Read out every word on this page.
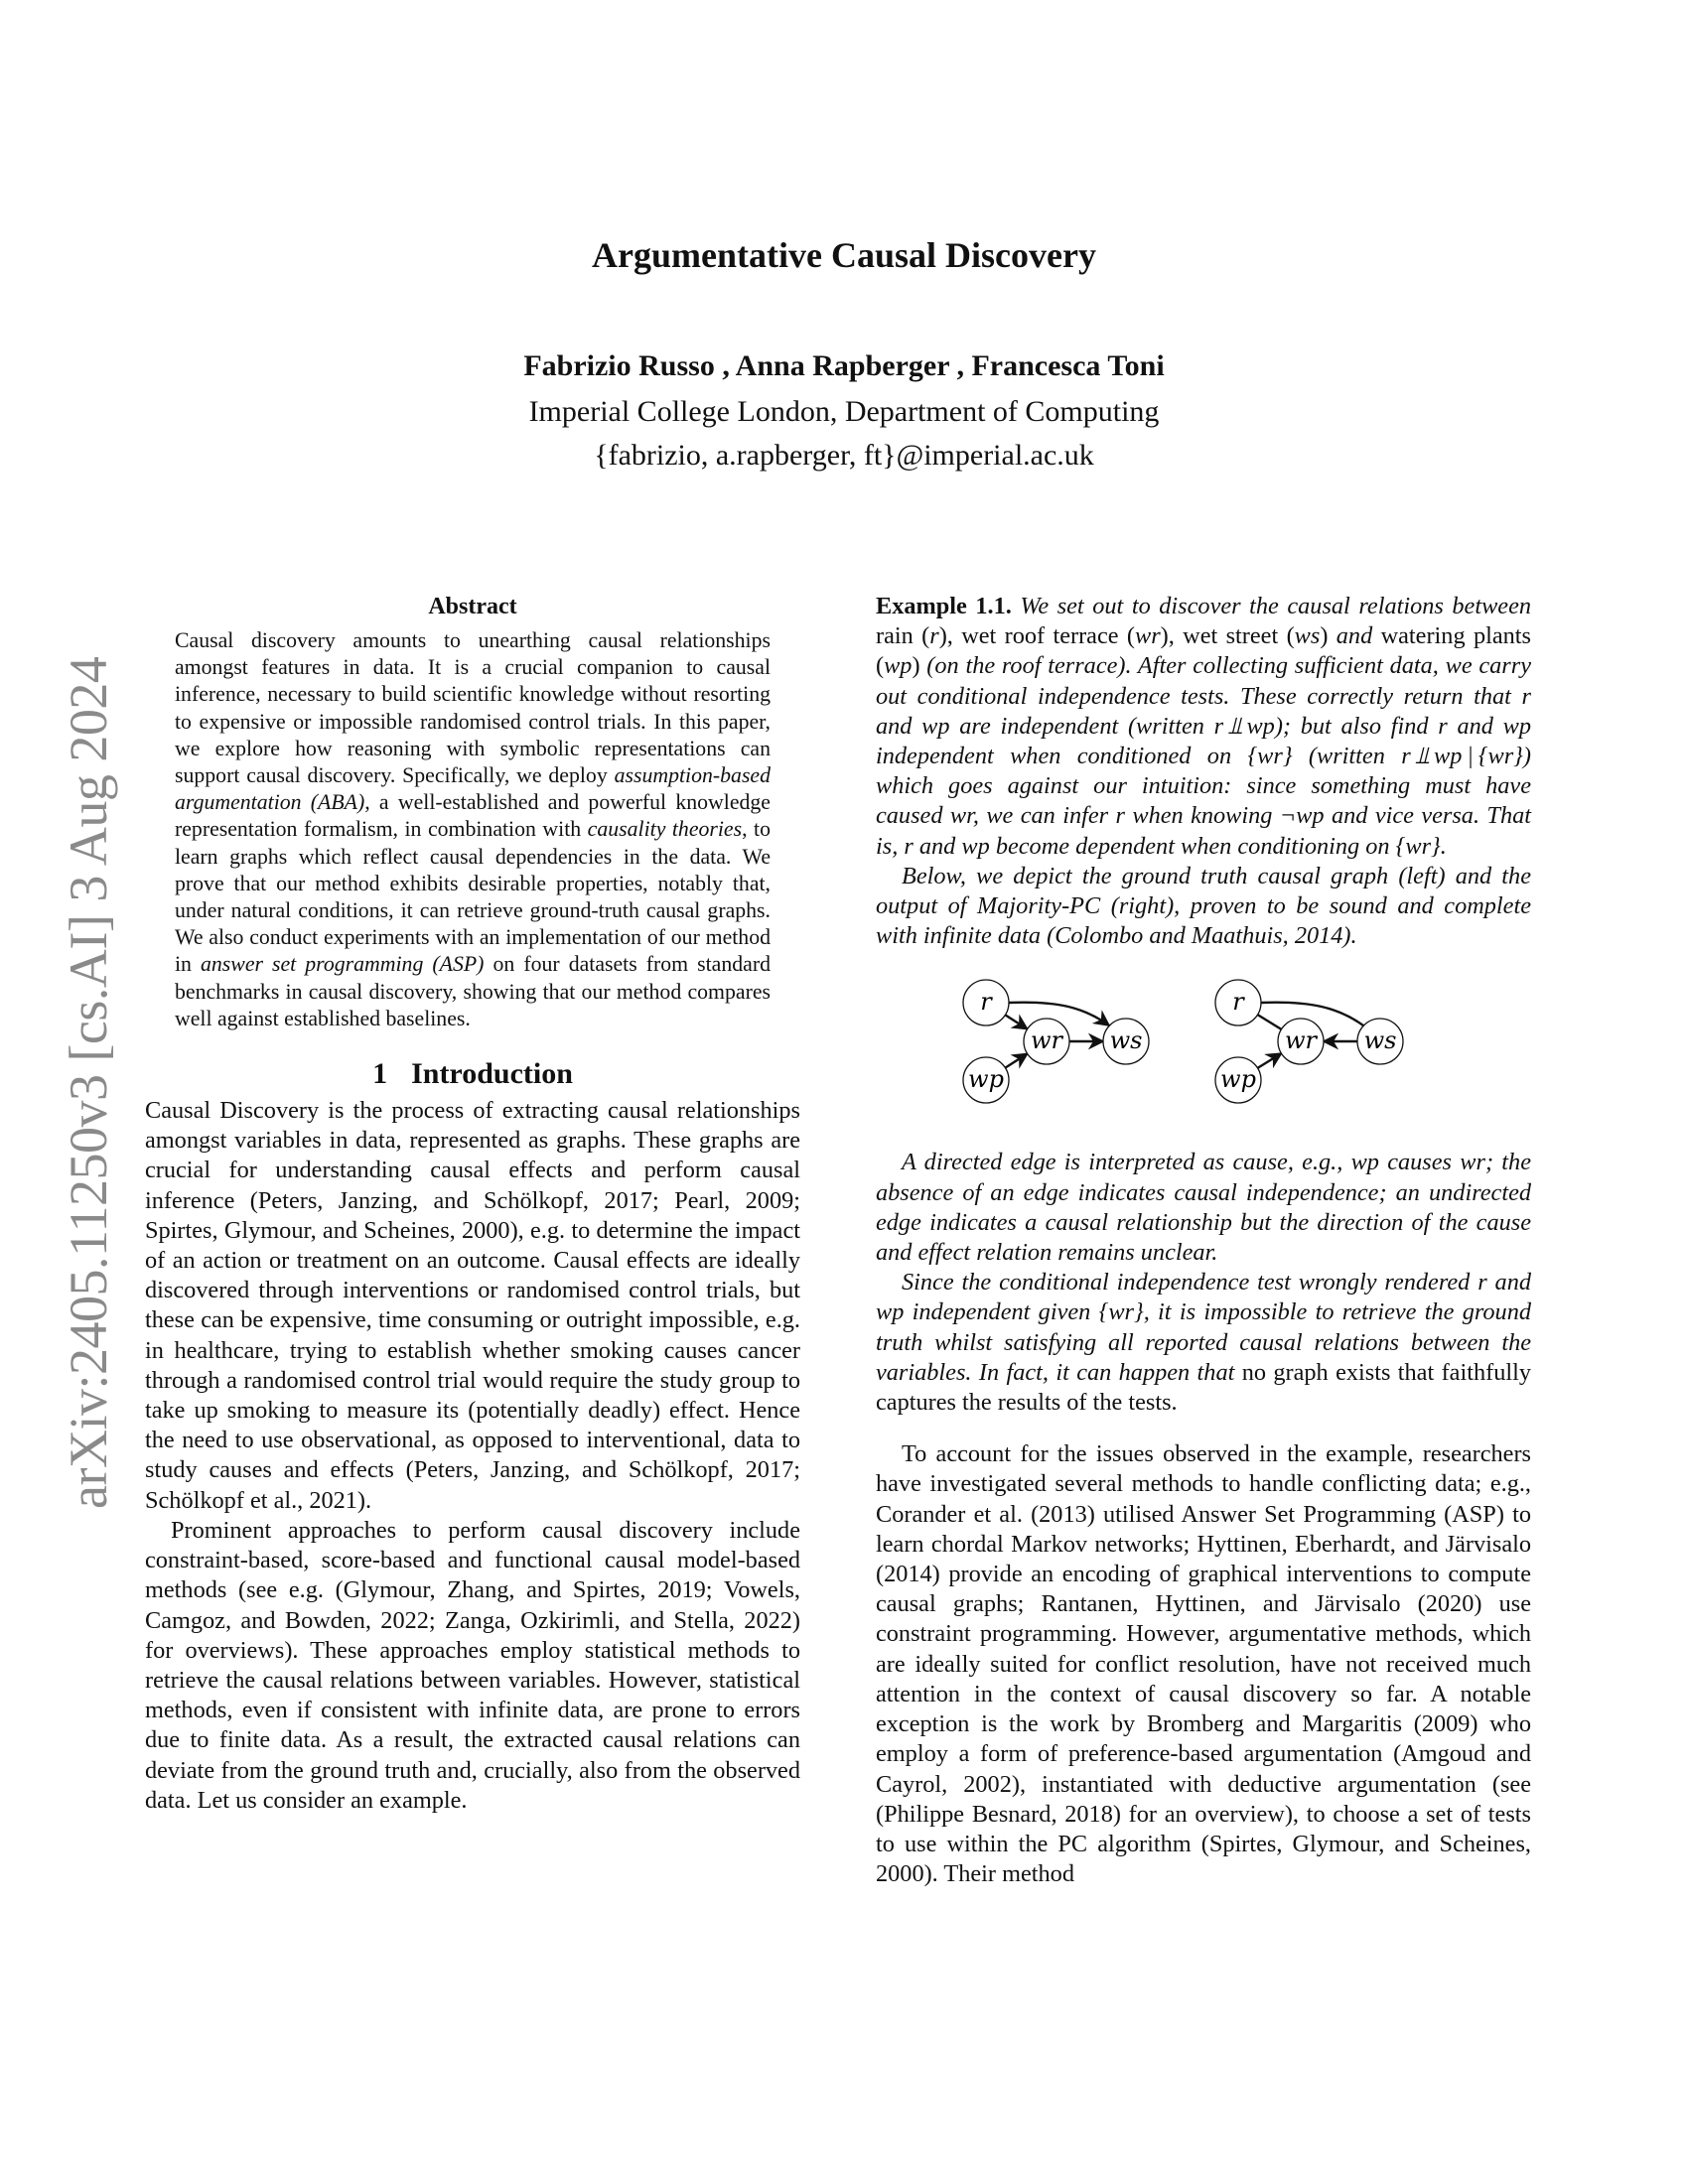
arXiv:2405.11250v3 [cs.AI] 3 Aug 2024
Argumentative Causal Discovery
Fabrizio Russo , Anna Rapberger , Francesca Toni
Imperial College London, Department of Computing
{fabrizio, a.rapberger, ft}@imperial.ac.uk
Abstract

Causal discovery amounts to unearthing causal relationships amongst features in data. It is a crucial companion to causal inference, necessary to build scientific knowledge without resorting to expensive or impossible randomised control trials. In this paper, we explore how reasoning with symbolic representations can support causal discovery. Specifically, we deploy assumption-based argumentation (ABA), a well-established and powerful knowledge representation formalism, in combination with causality theories, to learn graphs which reflect causal dependencies in the data. We prove that our method exhibits desirable properties, notably that, under natural conditions, it can retrieve ground-truth causal graphs. We also conduct experiments with an implementation of our method in answer set programming (ASP) on four datasets from standard benchmarks in causal discovery, showing that our method compares well against established baselines.

1 Introduction

Causal Discovery is the process of extracting causal relationships amongst variables in data, represented as graphs. These graphs are crucial for understanding causal effects and perform causal inference (Peters, Janzing, and Schölkopf, 2017; Pearl, 2009; Spirtes, Glymour, and Scheines, 2000), e.g. to determine the impact of an action or treatment on an outcome. Causal effects are ideally discovered through interventions or randomised control trials, but these can be expensive, time consuming or outright impossible, e.g. in healthcare, trying to establish whether smoking causes cancer through a randomised control trial would require the study group to take up smoking to measure its (potentially deadly) effect. Hence the need to use observational, as opposed to interventional, data to study causes and effects (Peters, Janzing, and Schölkopf, 2017; Schölkopf et al., 2021).

Prominent approaches to perform causal discovery include constraint-based, score-based and functional causal model-based methods (see e.g. (Glymour, Zhang, and Spirtes, 2019; Vowels, Camgoz, and Bowden, 2022; Zanga, Ozkirimli, and Stella, 2022) for overviews). These approaches employ statistical methods to retrieve the causal relations between variables. However, statistical methods, even if consistent with infinite data, are prone to errors due to finite data. As a result, the extracted causal relations can deviate from the ground truth and, crucially, also from the observed data. Let us consider an example.

Example 1.1. We set out to discover the causal relations between rain (r), wet roof terrace (wr), wet street (ws) and watering plants (wp) (on the roof terrace). After collecting sufficient data, we carry out conditional independence tests. These correctly return that r and wp are independent (written r ⫫ wp); but also find r and wp independent when conditioned on {wr} (written r ⫫ wp | {wr}) which goes against our intuition: since something must have caused wr, we can infer r when knowing ¬wp and vice versa. That is, r and wp become dependent when conditioning on {wr}.

Below, we depict the ground truth causal graph (left) and the output of Majority-PC (right), proven to be sound and complete with infinite data (Colombo and Maathuis, 2014).

r
wr ws
wp
r
wr ws
wp

A directed edge is interpreted as cause, e.g., wp causes wr; the absence of an edge indicates causal independence; an undirected edge indicates a causal relationship but the direction of the cause and effect relation remains unclear.

Since the conditional independence test wrongly rendered r and wp independent given {wr}, it is impossible to retrieve the ground truth whilst satisfying all reported causal relations between the variables. In fact, it can happen that no graph exists that faithfully captures the results of the tests.

To account for the issues observed in the example, researchers have investigated several methods to handle conflicting data; e.g., Corander et al. (2013) utilised Answer Set Programming (ASP) to learn chordal Markov networks; Hyttinen, Eberhardt, and Järvisalo (2014) provide an encoding of graphical interventions to compute causal graphs; Rantanen, Hyttinen, and Järvisalo (2020) use constraint programming. However, argumentative methods, which are ideally suited for conflict resolution, have not received much attention in the context of causal discovery so far. A notable exception is the work by Bromberg and Margaritis (2009) who employ a form of preference-based argumentation (Amgoud and Cayrol, 2002), instantiated with deductive argumentation (see (Philippe Besnard, 2018) for an overview), to choose a set of tests to use within the PC algorithm (Spirtes, Glymour, and Scheines, 2000). Their method
